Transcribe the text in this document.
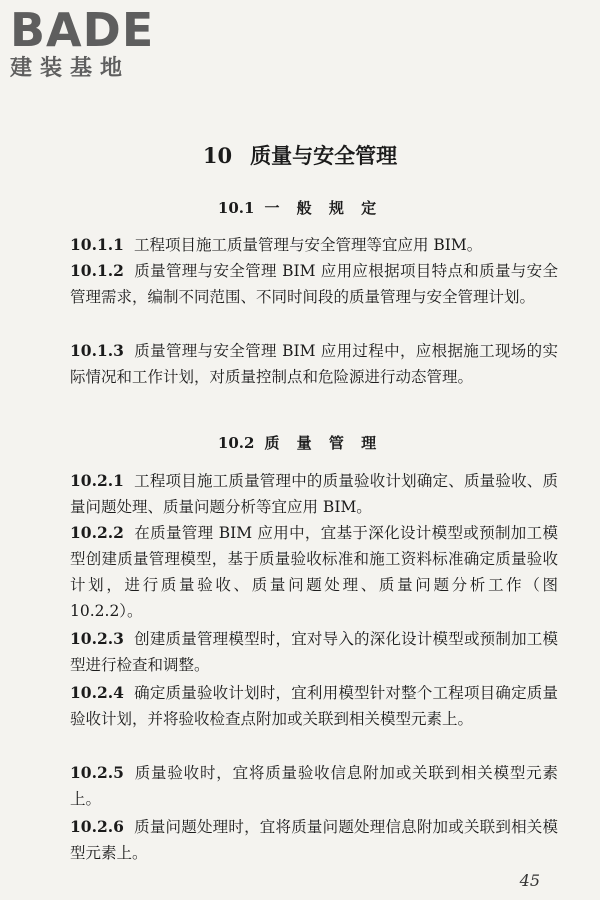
BADE
建装基地
10 质量与安全管理
10.1 一 般 规 定
10.1.1 工程项目施工质量管理与安全管理等宜应用 BIM。
10.1.2 质量管理与安全管理 BIM 应用应根据项目特点和质量与安全管理需求，编制不同范围、不同时间段的质量管理与安全管理计划。
10.1.3 质量管理与安全管理 BIM 应用过程中，应根据施工现场的实际情况和工作计划，对质量控制点和危险源进行动态管理。
10.2 质 量 管 理
10.2.1 工程项目施工质量管理中的质量验收计划确定、质量验收、质量问题处理、质量问题分析等宜应用 BIM。
10.2.2 在质量管理 BIM 应用中，宜基于深化设计模型或预制加工模型创建质量管理模型，基于质量验收标准和施工资料标准确定质量验收计划，进行质量验收、质量问题处理、质量问题分析工作（图 10.2.2）。
10.2.3 创建质量管理模型时，宜对导入的深化设计模型或预制加工模型进行检查和调整。
10.2.4 确定质量验收计划时，宜利用模型针对整个工程项目确定质量验收计划，并将验收检查点附加或关联到相关模型元素上。
10.2.5 质量验收时，宜将质量验收信息附加或关联到相关模型元素上。
10.2.6 质量问题处理时，宜将质量问题处理信息附加或关联到相关模型元素上。
45
